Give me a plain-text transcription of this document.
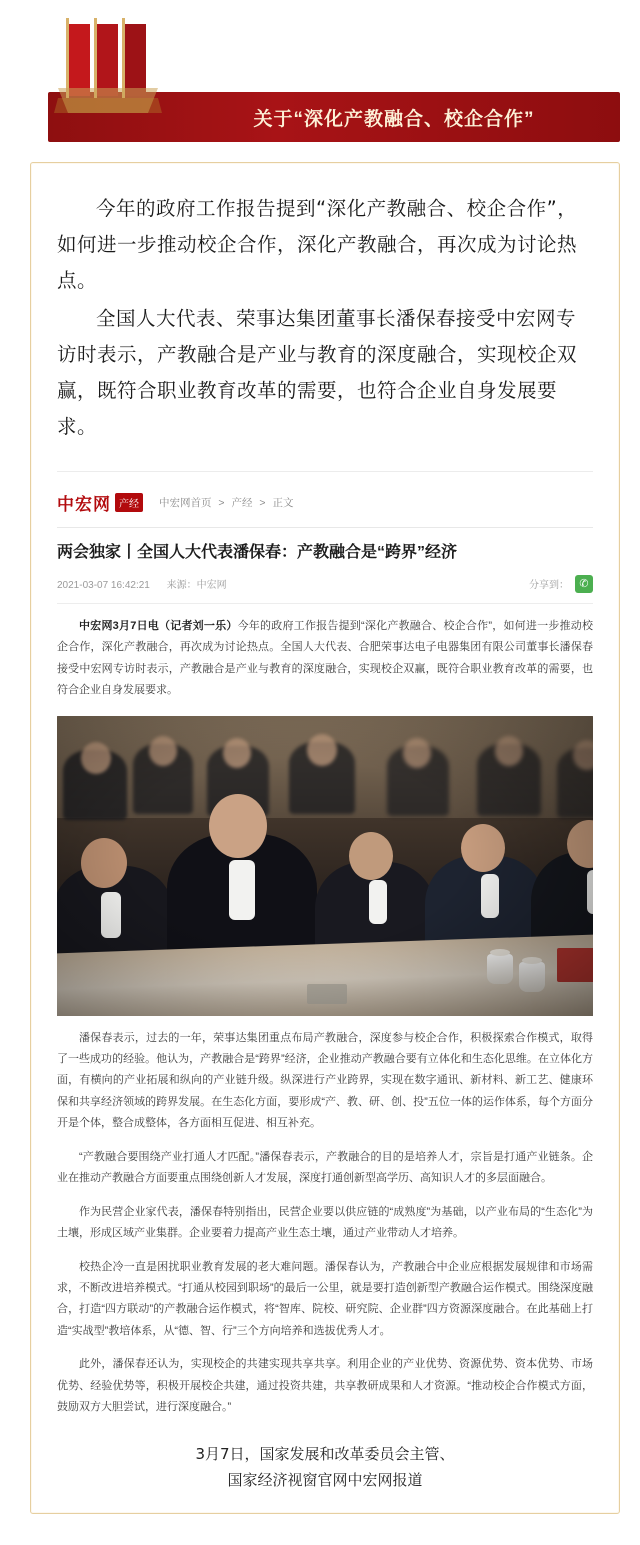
关于“深化产教融合、校企合作”

今年的政府工作报告提到“深化产教融合、校企合作”，如何进一步推动校企合作，深化产教融合，再次成为讨论热点。

全国人大代表、荣事达集团董事长潘保春接受中宏网专访时表示，产教融合是产业与教育的深度融合，实现校企双赢，既符合职业教育改革的需要，也符合企业自身发展要求。

中宏网 产经	中宏网首页 > 产经 > 正文
两会独家丨全国人大代表潘保春：产教融合是“跨界”经济
2021-03-07 16:42:21 来源：中宏网	分享到： ✆

中宏网3月7日电（记者刘一乐）今年的政府工作报告提到“深化产教融合、校企合作”，如何进一步推动校企合作，深化产教融合，再次成为讨论热点。全国人大代表、合肥荣事达电子电器集团有限公司董事长潘保春接受中宏网专访时表示，产教融合是产业与教育的深度融合，实现校企双赢，既符合职业教育改革的需要，也符合企业自身发展要求。

潘保春表示，过去的一年，荣事达集团重点布局产教融合，深度参与校企合作，积极探索合作模式，取得了一些成功的经验。他认为，产教融合是“跨界”经济，企业推动产教融合要有立体化和生态化思维。在立体化方面，有横向的产业拓展和纵向的产业链升级。纵深进行产业跨界，实现在数字通讯、新材料、新工艺、健康环保和共享经济领域的跨界发展。在生态化方面，要形成“产、教、研、创、投”五位一体的运作体系，每个方面分开是个体，整合成整体，各方面相互促进、相互补充。

“产教融合要围绕产业打通人才匹配。”潘保春表示，产教融合的目的是培养人才，宗旨是打通产业链条。企业在推动产教融合方面要重点围绕创新人才发展，深度打通创新型高学历、高知识人才的多层面融合。

作为民营企业家代表，潘保春特别指出，民营企业要以供应链的“成熟度”为基础，以产业布局的“生态化”为土壤，形成区域产业集群。企业要着力提高产业生态土壤，通过产业带动人才培养。

校热企冷一直是困扰职业教育发展的老大难问题。潘保春认为，产教融合中企业应根据发展规律和市场需求，不断改进培养模式。“打通从校园到职场”的最后一公里，就是要打造创新型产教融合运作模式。围绕深度融合，打造“四方联动”的产教融合运作模式，将“智库、院校、研究院、企业群”四方资源深度融合。在此基础上打造“实战型”教培体系，从“德、智、行”三个方向培养和选拔优秀人才。

此外，潘保春还认为，实现校企的共建实现共享共享。利用企业的产业优势、资源优势、资本优势、市场优势、经验优势等，积极开展校企共建，通过投资共建，共享教研成果和人才资源。“推动校企合作模式方面，鼓励双方大胆尝试，进行深度融合。”

3月7日，国家发展和改革委员会主管、
国家经济视窗官网中宏网报道
